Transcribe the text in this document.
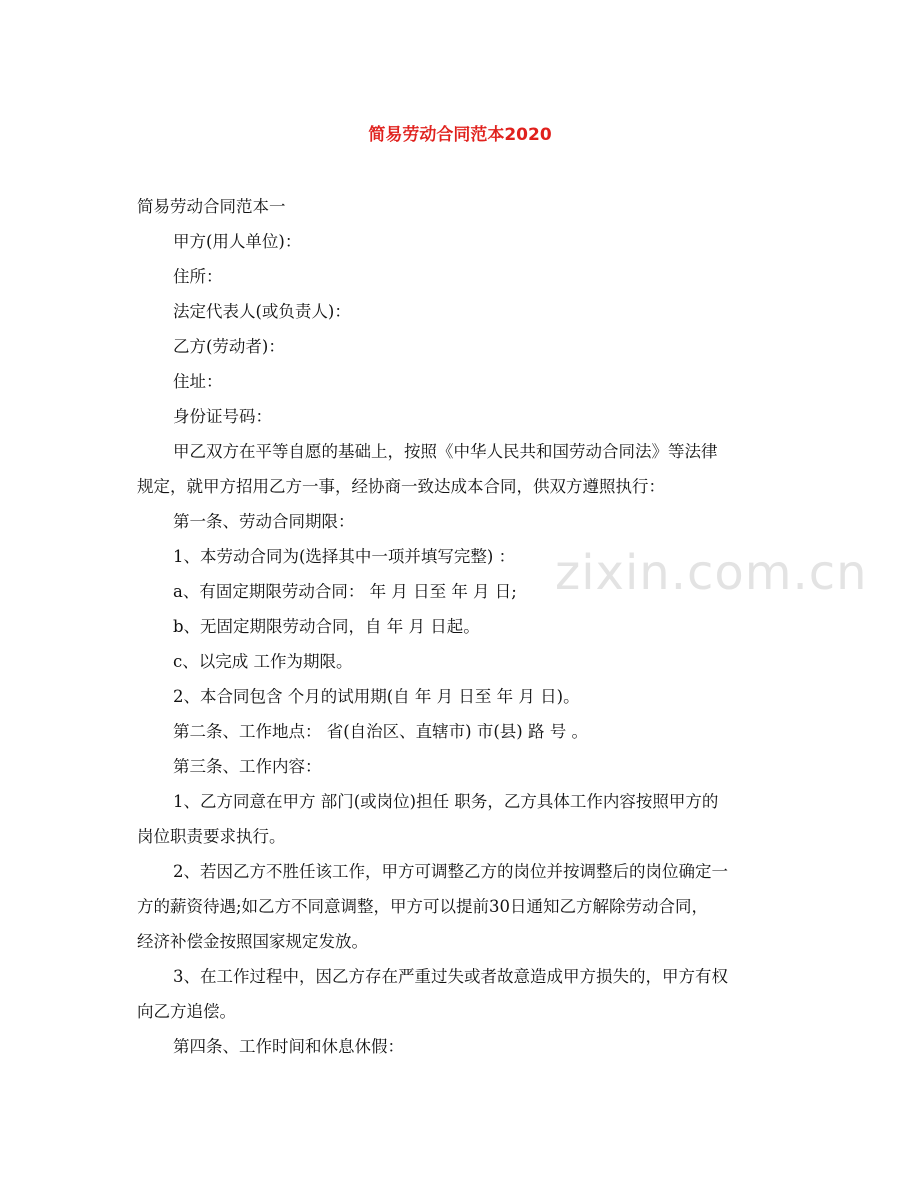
简易劳动合同范本2020
简易劳动合同范本一
甲方(用人单位)：
住所：
法定代表人(或负责人)：
乙方(劳动者)：
住址：
身份证号码：
甲乙双方在平等自愿的基础上，按照《中华人民共和国劳动合同法》等法律
规定，就甲方招用乙方一事，经协商一致达成本合同，供双方遵照执行：
第一条、劳动合同期限：
1、本劳动合同为(选择其中一项并填写完整) ：
a、有固定期限劳动合同： 年 月 日至 年 月 日;
b、无固定期限劳动合同，自 年 月 日起。
c、以完成 工作为期限。
2、本合同包含 个月的试用期(自 年 月 日至 年 月 日)。
第二条、工作地点： 省(自治区、直辖市) 市(县) 路 号 。
第三条、工作内容：
1、乙方同意在甲方 部门(或岗位)担任 职务，乙方具体工作内容按照甲方的
岗位职责要求执行。
2、若因乙方不胜任该工作，甲方可调整乙方的岗位并按调整后的岗位确定一
方的薪资待遇;如乙方不同意调整，甲方可以提前30日通知乙方解除劳动合同，
经济补偿金按照国家规定发放。
3、在工作过程中，因乙方存在严重过失或者故意造成甲方损失的，甲方有权
向乙方追偿。
第四条、工作时间和休息休假：
zixin.com.cn
